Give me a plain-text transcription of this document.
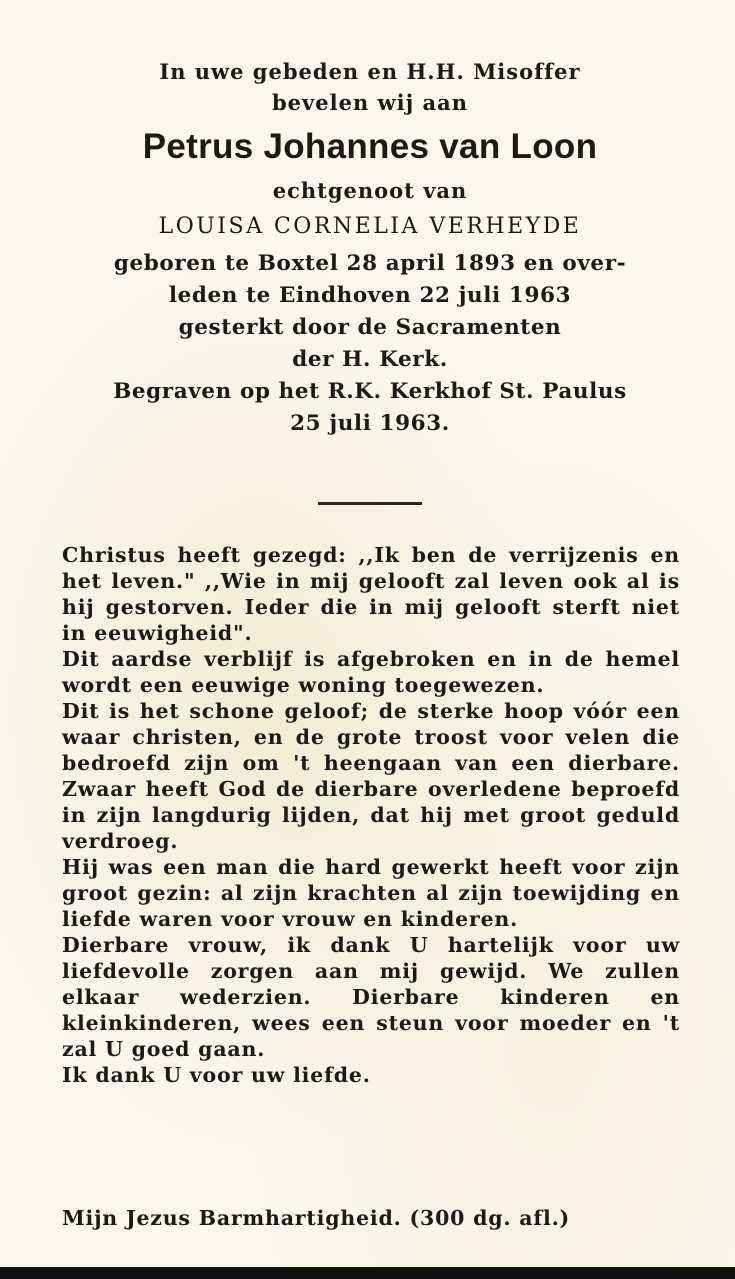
In uwe gebeden en H.H. Misoffer
bevelen wij aan
Petrus Johannes van Loon
echtgenoot van
LOUISA CORNELIA VERHEYDE
geboren te Boxtel 28 april 1893 en over-
leden te Eindhoven 22 juli 1963
gesterkt door de Sacramenten
der H. Kerk.
Begraven op het R.K. Kerkhof St. Paulus
25 juli 1963.

Christus heeft gezegd: ,,Ik ben de verrijzenis en het leven." ,,Wie in mij gelooft zal leven ook al is hij gestorven. Ieder die in mij gelooft sterft niet in eeuwigheid".

Dit aardse verblijf is afgebroken en in de hemel wordt een eeuwige woning toegewezen.

Dit is het schone geloof; de sterke hoop vóór een waar christen, en de grote troost voor velen die bedroefd zijn om 't heengaan van een dierbare. Zwaar heeft God de dierbare overledene beproefd in zijn langdurig lijden, dat hij met groot geduld verdroeg.

Hij was een man die hard gewerkt heeft voor zijn groot gezin: al zijn krachten al zijn toewijding en liefde waren voor vrouw en kinderen.

Dierbare vrouw, ik dank U hartelijk voor uw liefdevolle zorgen aan mij gewijd. We zullen elkaar wederzien. Dierbare kinderen en kleinkinderen, wees een steun voor moeder en 't zal U goed gaan.

Ik dank U voor uw liefde.

Mijn Jezus Barmhartigheid. (300 dg. afl.)
